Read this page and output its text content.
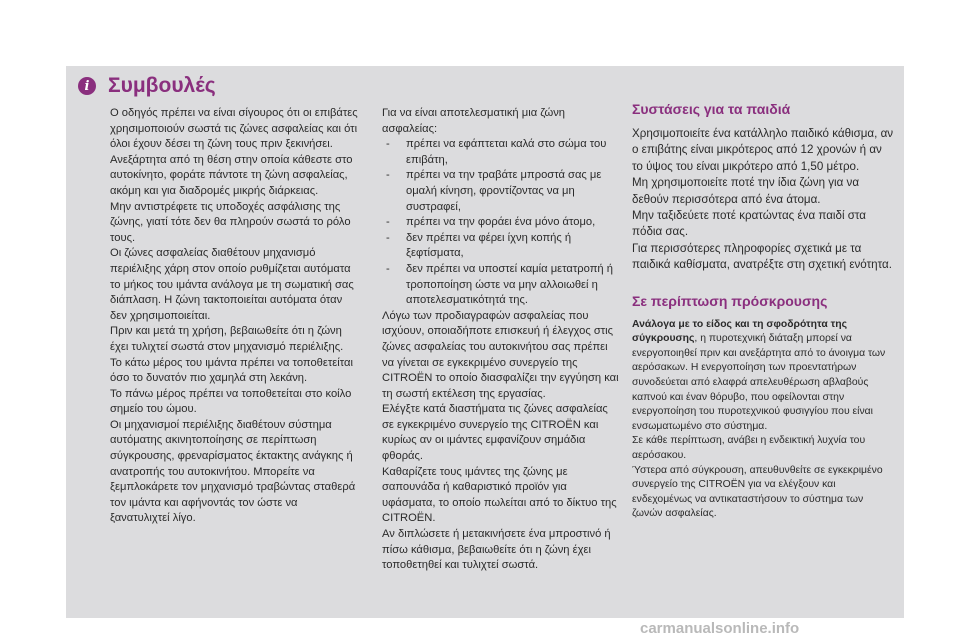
i Συμβουλές

Ο οδηγός πρέπει να είναι σίγουρος ότι οι επιβάτες χρησιμοποιούν σωστά τις ζώνες ασφαλείας και ότι όλοι έχουν δέσει τη ζώνη τους πριν ξεκινήσει.

Ανεξάρτητα από τη θέση στην οποία κάθεστε στο αυτοκίνητο, φοράτε πάντοτε τη ζώνη ασφαλείας, ακόμη και για διαδρομές μικρής διάρκειας.

Μην αντιστρέφετε τις υποδοχές ασφάλισης της ζώνης, γιατί τότε δεν θα πληρούν σωστά το ρόλο τους.

Οι ζώνες ασφαλείας διαθέτουν μηχανισμό περιέλιξης χάρη στον οποίο ρυθμίζεται αυτόματα το μήκος του ιμάντα ανάλογα με τη σωματική σας διάπλαση. Η ζώνη τακτοποιείται αυτόματα όταν δεν χρησιμοποιείται.

Πριν και μετά τη χρήση, βεβαιωθείτε ότι η ζώνη έχει τυλιχτεί σωστά στον μηχανισμό περιέλιξης.

Το κάτω μέρος του ιμάντα πρέπει να τοποθετείται όσο το δυνατόν πιο χαμηλά στη λεκάνη.

Το πάνω μέρος πρέπει να τοποθετείται στο κοίλο σημείο του ώμου.

Οι μηχανισμοί περιέλιξης διαθέτουν σύστημα αυτόματης ακινητοποίησης σε περίπτωση σύγκρουσης, φρεναρίσματος έκτακτης ανάγκης ή ανατροπής του αυτοκινήτου. Μπορείτε να ξεμπλοκάρετε τον μηχανισμό τραβώντας σταθερά τον ιμάντα και αφήνοντάς τον ώστε να ξανατυλιχτεί λίγο.

Για να είναι αποτελεσματική μια ζώνη ασφαλείας:

- πρέπει να εφάπτεται καλά στο σώμα του επιβάτη,
- πρέπει να την τραβάτε μπροστά σας με ομαλή κίνηση, φροντίζοντας να μη συστραφεί,
- πρέπει να την φοράει ένα μόνο άτομο,
- δεν πρέπει να φέρει ίχνη κοπής ή ξεφτίσματα,
- δεν πρέπει να υποστεί καμία μετατροπή ή τροποποίηση ώστε να μην αλλοιωθεί η αποτελεσματικότητά της.

Λόγω των προδιαγραφών ασφαλείας που ισχύουν, οποιαδήποτε επισκευή ή έλεγχος στις ζώνες ασφαλείας του αυτοκινήτου σας πρέπει να γίνεται σε εγκεκριμένο συνεργείο της CITROËN το οποίο διασφαλίζει την εγγύηση και τη σωστή εκτέλεση της εργασίας.

Ελέγξτε κατά διαστήματα τις ζώνες ασφαλείας σε εγκεκριμένο συνεργείο της CITROËN και κυρίως αν οι ιμάντες εμφανίζουν σημάδια φθοράς.

Καθαρίζετε τους ιμάντες της ζώνης με σαπουνάδα ή καθαριστικό προϊόν για υφάσματα, το οποίο πωλείται από το δίκτυο της CITROËN.

Αν διπλώσετε ή μετακινήσετε ένα μπροστινό ή πίσω κάθισμα, βεβαιωθείτε ότι η ζώνη έχει τοποθετηθεί και τυλιχτεί σωστά.

Συστάσεις για τα παιδιά

Χρησιμοποιείτε ένα κατάλληλο παιδικό κάθισμα, αν ο επιβάτης είναι μικρότερος από 12 χρονών ή αν το ύψος του είναι μικρότερο από 1,50 μέτρο.

Μη χρησιμοποιείτε ποτέ την ίδια ζώνη για να δεθούν περισσότερα από ένα άτομα.

Μην ταξιδεύετε ποτέ κρατώντας ένα παιδί στα πόδια σας.

Για περισσότερες πληροφορίες σχετικά με τα παιδικά καθίσματα, ανατρέξτε στη σχετική ενότητα.

Σε περίπτωση πρόσκρουσης

Ανάλογα με το είδος και τη σφοδρότητα της σύγκρουσης, η πυροτεχνική διάταξη μπορεί να ενεργοποιηθεί πριν και ανεξάρτητα από το άνοιγμα των αερόσακων. Η ενεργοποίηση των προεντατήρων συνοδεύεται από ελαφρά απελευθέρωση αβλαβούς καπνού και έναν θόρυβο, που οφείλονται στην ενεργοποίηση του πυροτεχνικού φυσιγγίου που είναι ενσωματωμένο στο σύστημα.

Σε κάθε περίπτωση, ανάβει η ενδεικτική λυχνία του αερόσακου.

Ύστερα από σύγκρουση, απευθυνθείτε σε εγκεκριμένο συνεργείο της CITROËN για να ελέγξουν και ενδεχομένως να αντικαταστήσουν το σύστημα των ζωνών ασφαλείας.

carmanualsonline.info
